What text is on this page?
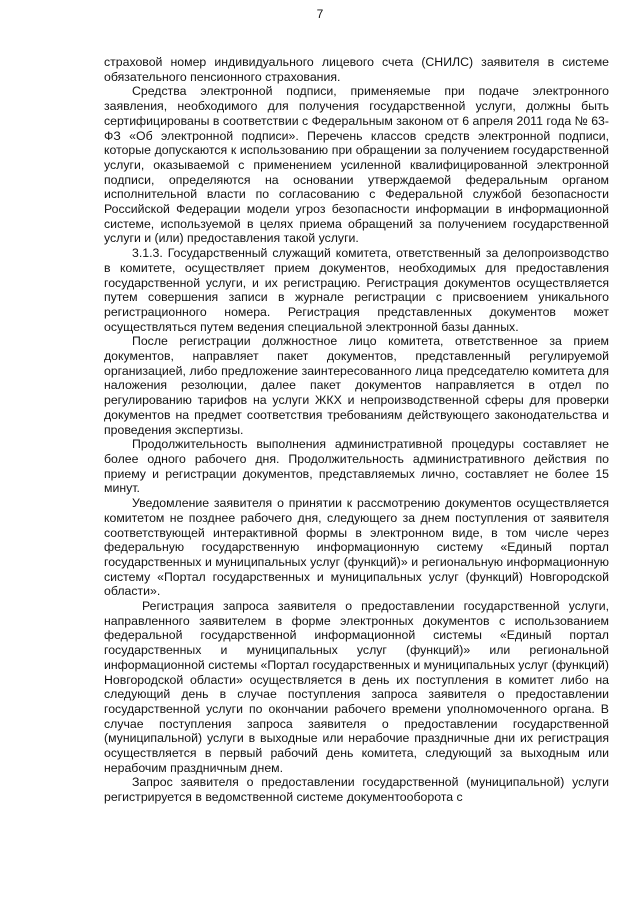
7

страховой номер индивидуального лицевого счета (СНИЛС) заявителя в системе обязательного пенсионного страхования.

Средства электронной подписи, применяемые при подаче электронного заявления, необходимого для получения государственной услуги, должны быть сертифицированы в соответствии с Федеральным законом от 6 апреля 2011 года № 63-ФЗ «Об электронной подписи». Перечень классов средств электронной подписи, которые допускаются к использованию при обращении за получением государственной услуги, оказываемой с применением усиленной квалифицированной электронной подписи, определяются на основании утверждаемой федеральным органом исполнительной власти по согласованию с Федеральной службой безопасности Российской Федерации модели угроз безопасности информации в информационной системе, используемой в целях приема обращений за получением государственной услуги и (или) предоставления такой услуги.

3.1.3. Государственный служащий комитета, ответственный за делопроизводство в комитете, осуществляет прием документов, необходимых для предоставления государственной услуги, и их регистрацию. Регистрация документов осуществляется путем совершения записи в журнале регистрации с присвоением уникального регистрационного номера. Регистрация представленных документов может осуществляться путем ведения специальной электронной базы данных.

После регистрации должностное лицо комитета, ответственное за прием документов, направляет пакет документов, представленный регулируемой организацией, либо предложение заинтересованного лица председателю комитета для наложения резолюции, далее пакет документов направляется в отдел по регулированию тарифов на услуги ЖКХ и непроизводственной сферы для проверки документов на предмет соответствия требованиям действующего законодательства и проведения экспертизы.

Продолжительность выполнения административной процедуры составляет не более одного рабочего дня. Продолжительность административного действия по приему и регистрации документов, представляемых лично, составляет не более 15 минут.

Уведомление заявителя о принятии к рассмотрению документов осуществляется комитетом не позднее рабочего дня, следующего за днем поступления от заявителя соответствующей интерактивной формы в электронном виде, в том числе через федеральную государственную информационную систему «Единый портал государственных и муниципальных услуг (функций)» и региональную информационную систему «Портал государственных и муниципальных услуг (функций) Новгородской области».

Регистрация запроса заявителя о предоставлении государственной услуги, направленного заявителем в форме электронных документов с использованием федеральной государственной информационной системы «Единый портал государственных и муниципальных услуг (функций)» или региональной информационной системы «Портал государственных и муниципальных услуг (функций) Новгородской области» осуществляется в день их поступления в комитет либо на следующий день в случае поступления запроса заявителя о предоставлении государственной услуги по окончании рабочего времени уполномоченного органа. В случае поступления запроса заявителя о предоставлении государственной (муниципальной) услуги в выходные или нерабочие праздничные дни их регистрация осуществляется в первый рабочий день комитета, следующий за выходным или нерабочим праздничным днем.

Запрос заявителя о предоставлении государственной (муниципальной) услуги регистрируется в ведомственной системе документооборота с
